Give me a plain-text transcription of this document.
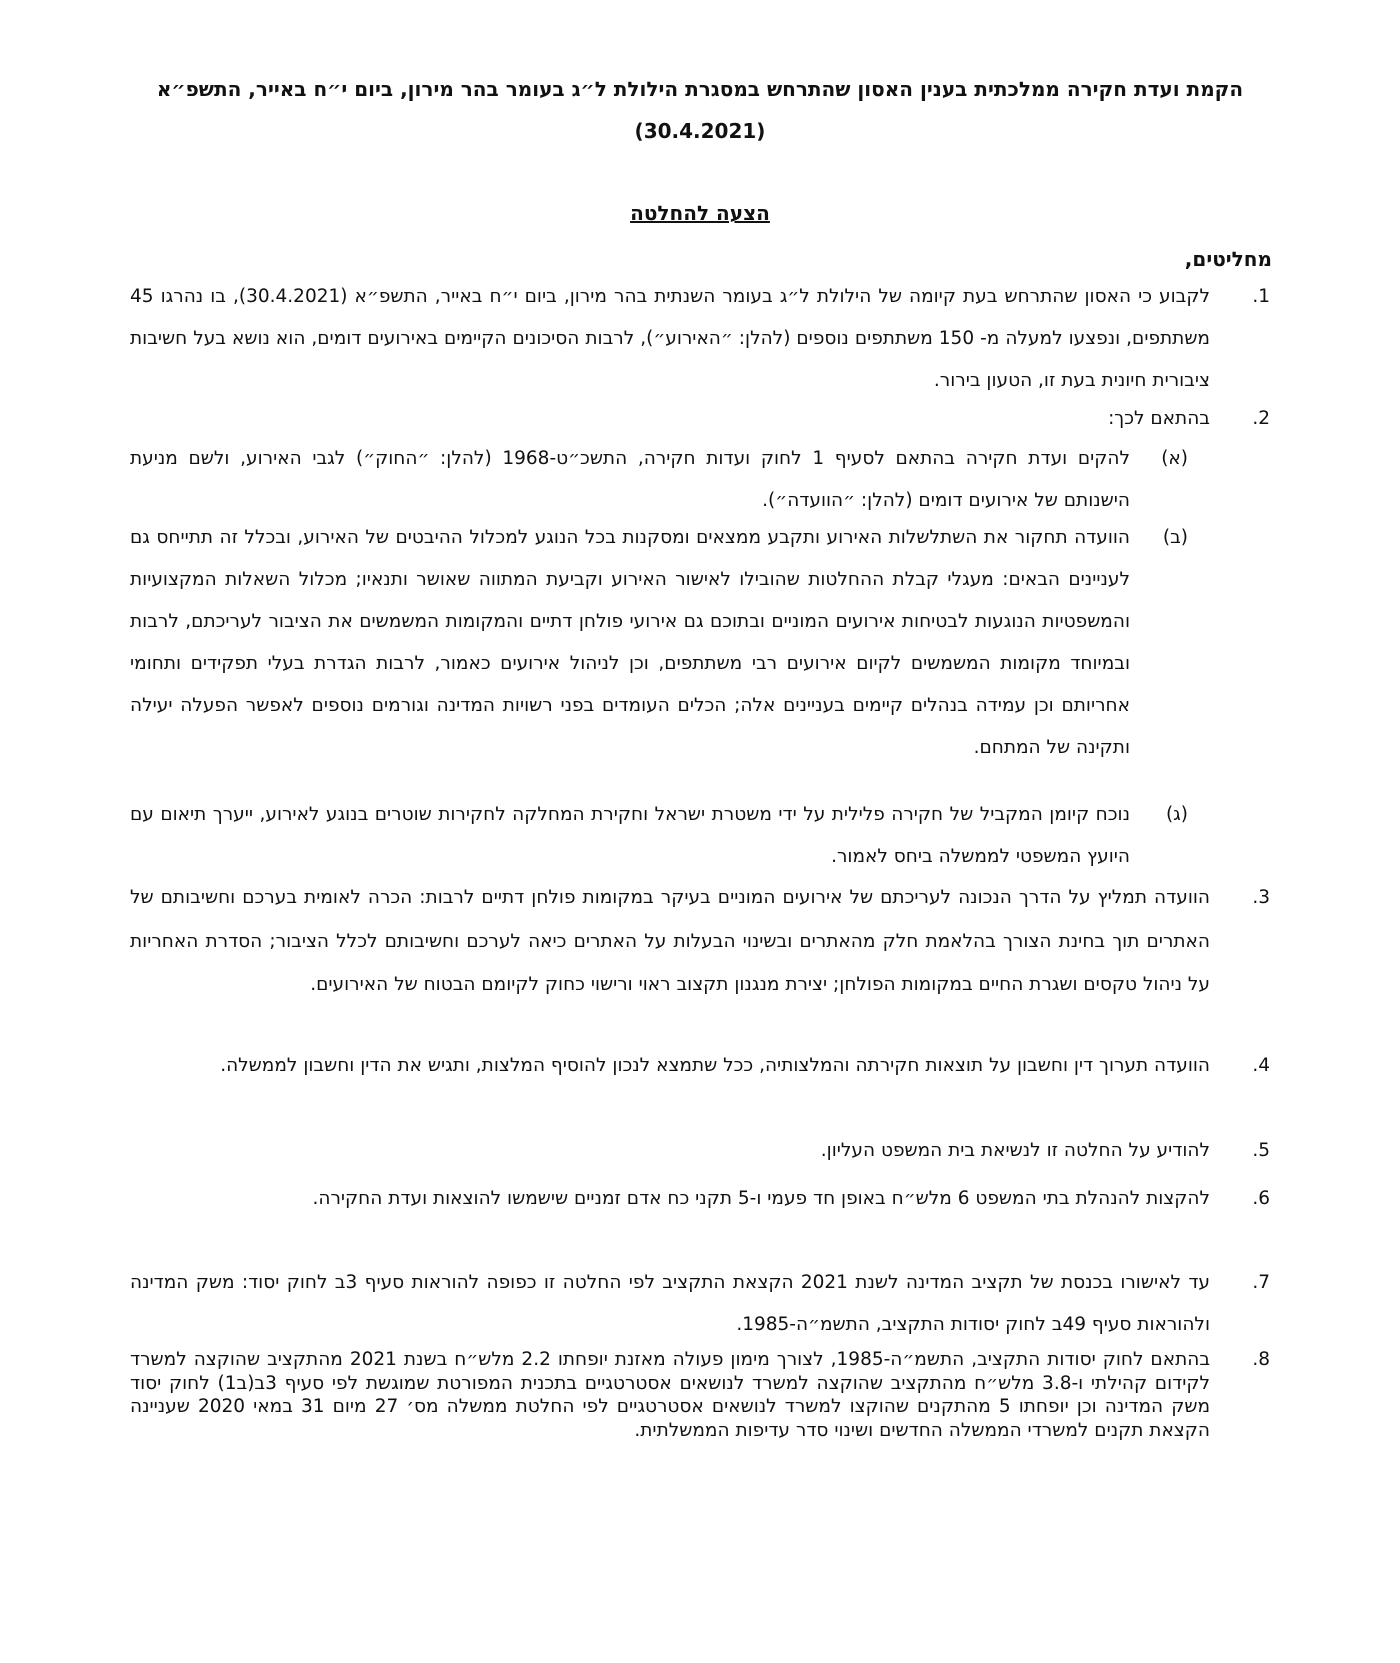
הקמת ועדת חקירה ממלכתית בענין האסון שהתרחש במסגרת הילולת ל״ג בעומר בהר מירון, ביום י״ח באייר, התשפ״א (30.4.2021)
הצעה להחלטה
מחליטים,
1.
לקבוע כי האסון שהתרחש בעת קיומה של הילולת ל״ג בעומר השנתית בהר מירון, ביום י״ח באייר, התשפ״א (30.4.2021), בו נהרגו 45 משתתפים, ונפצעו למעלה מ- 150 משתתפים נוספים (להלן: ״האירוע״), לרבות הסיכונים הקיימים באירועים דומים, הוא נושא בעל חשיבות ציבורית חיונית בעת זו, הטעון בירור.
2.
בהתאם לכך:
(א)
להקים ועדת חקירה בהתאם לסעיף 1 לחוק ועדות חקירה, התשכ״ט-1968 (להלן: ״החוק״) לגבי האירוע, ולשם מניעת הישנותם של אירועים דומים (להלן: ״הוועדה״).
(ב)
הוועדה תחקור את השתלשלות האירוע ותקבע ממצאים ומסקנות בכל הנוגע למכלול ההיבטים של האירוע, ובכלל זה תתייחס גם לעניינים הבאים: מעגלי קבלת ההחלטות שהובילו לאישור האירוע וקביעת המתווה שאושר ותנאיו; מכלול השאלות המקצועיות והמשפטיות הנוגעות לבטיחות אירועים המוניים ובתוכם גם אירועי פולחן דתיים והמקומות המשמשים את הציבור לעריכתם, לרבות ובמיוחד מקומות המשמשים לקיום אירועים רבי משתתפים, וכן לניהול אירועים כאמור, לרבות הגדרת בעלי תפקידים ותחומי אחריותם וכן עמידה בנהלים קיימים בעניינים אלה; הכלים העומדים בפני רשויות המדינה וגורמים נוספים לאפשר הפעלה יעילה ותקינה של המתחם.
(ג)
נוכח קיומן המקביל של חקירה פלילית על ידי משטרת ישראל וחקירת המחלקה לחקירות שוטרים בנוגע לאירוע, ייערך תיאום עם היועץ המשפטי לממשלה ביחס לאמור.
3.
הוועדה תמליץ על הדרך הנכונה לעריכתם של אירועים המוניים בעיקר במקומות פולחן דתיים לרבות: הכרה לאומית בערכם וחשיבותם של האתרים תוך בחינת הצורך בהלאמת חלק מהאתרים ובשינוי הבעלות על האתרים כיאה לערכם וחשיבותם לכלל הציבור; הסדרת האחריות על ניהול טקסים ושגרת החיים במקומות הפולחן; יצירת מנגנון תקצוב ראוי ורישוי כחוק לקיומם הבטוח של האירועים.
4.
הוועדה תערוך דין וחשבון על תוצאות חקירתה והמלצותיה, ככל שתמצא לנכון להוסיף המלצות, ותגיש את הדין וחשבון לממשלה.
5.
להודיע על החלטה זו לנשיאת בית המשפט העליון.
6.
להקצות להנהלת בתי המשפט 6 מלש״ח באופן חד פעמי ו-5 תקני כח אדם זמניים שישמשו להוצאות ועדת החקירה.
7.
עד לאישורו בכנסת של תקציב המדינה לשנת 2021 הקצאת התקציב לפי החלטה זו כפופה להוראות סעיף 3ב לחוק יסוד: משק המדינה ולהוראות סעיף 49ב לחוק יסודות התקציב, התשמ״ה-1985.
8.
בהתאם לחוק יסודות התקציב, התשמ״ה-1985, לצורך מימון פעולה מאזנת יופחתו 2.2 מלש״ח בשנת 2021 מהתקציב שהוקצה למשרד לקידום קהילתי ו-3.8 מלש״ח מהתקציב שהוקצה למשרד לנושאים אסטרטגיים בתכנית המפורטת שמוגשת לפי סעיף 3ב(ב1) לחוק יסוד משק המדינה וכן יופחתו 5 מהתקנים שהוקצו למשרד לנושאים אסטרטגיים לפי החלטת ממשלה מס׳ 27 מיום 31 במאי 2020 שעניינה הקצאת תקנים למשרדי הממשלה החדשים ושינוי סדר עדיפות הממשלתית.
